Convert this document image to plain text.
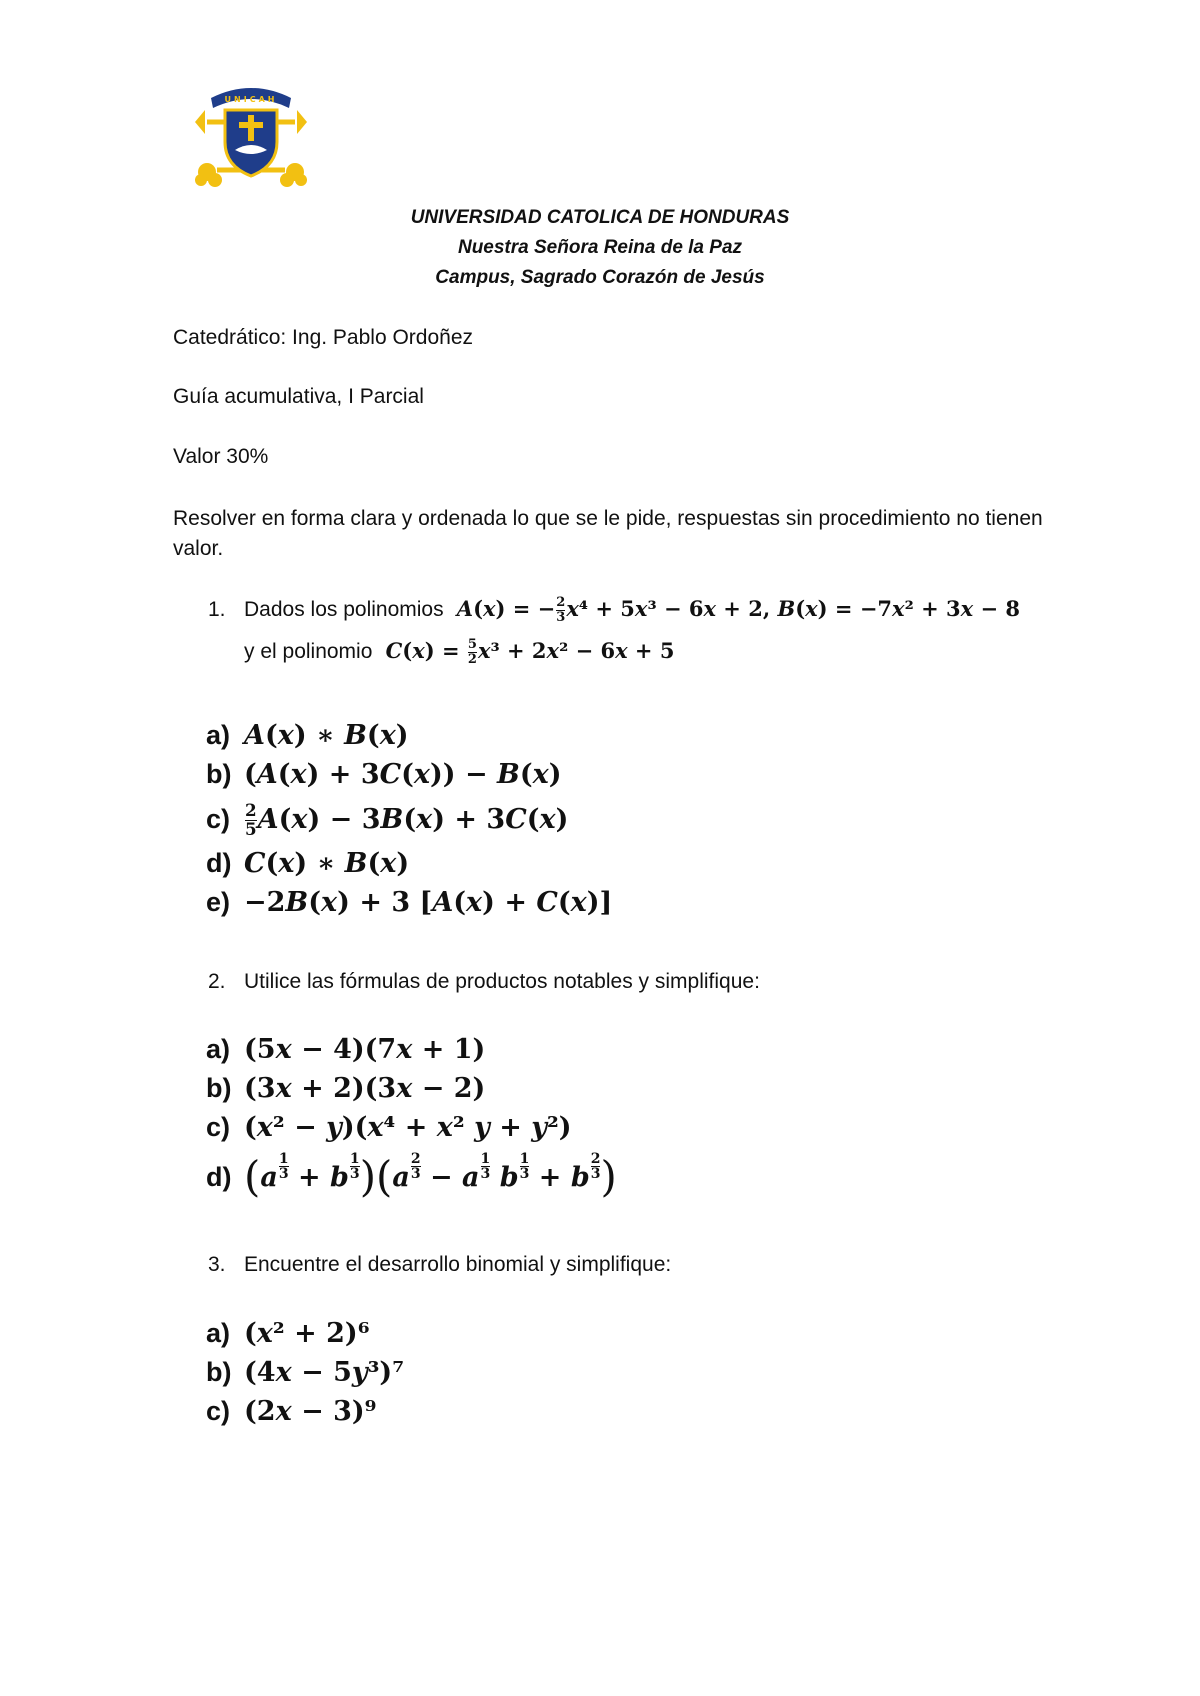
UNICAH
UNIVERSIDAD CATOLICA DE HONDURAS
Nuestra Señora Reina de la Paz
Campus, Sagrado Corazón de Jesús
Catedrático: Ing. Pablo Ordoñez
Guía acumulativa, I Parcial
Valor 30%
Resolver en forma clara y ordenada lo que se le pide, respuestas sin procedimiento no tienen valor.
1. Dados los polinomios A(x) = − $\frac{2}{3} x^4 + 5x^3 - 6x + 2$, B(x) = −7x² + 3x − 8
y el polinomio $C(x) = \frac{5}{2} x^3 + 2x^2 - 6x + 5$
a) A(x) ∗ B(x)
b) (A(x) + 3C(x)) − B(x)
$c) \frac{2}{5} A(x) - 3B(x) + 3C(x)$
d) C(x) ∗ B(x)
e) −2B(x) + 3 [A(x) + C(x)]
2. Utilice las fórmulas de productos notables y simplifique:
a) (5x − 4)(7x + 1)
b) (3x + 2)(3x − 2)
c) (x² − y)(x⁴ + x² y + y²)
d) $(a \frac{1}{3} + b \frac{1}{3} )(a \frac{2}{3} - a \frac{1}{3}$ b $\frac{1}{3} + b \frac{2}{3}$ )
3. Encuentre el desarrollo binomial y simplifique:
a) (x² + 2)⁶
b) (4x − 5y³)⁷
c) (2x − 3)⁹
